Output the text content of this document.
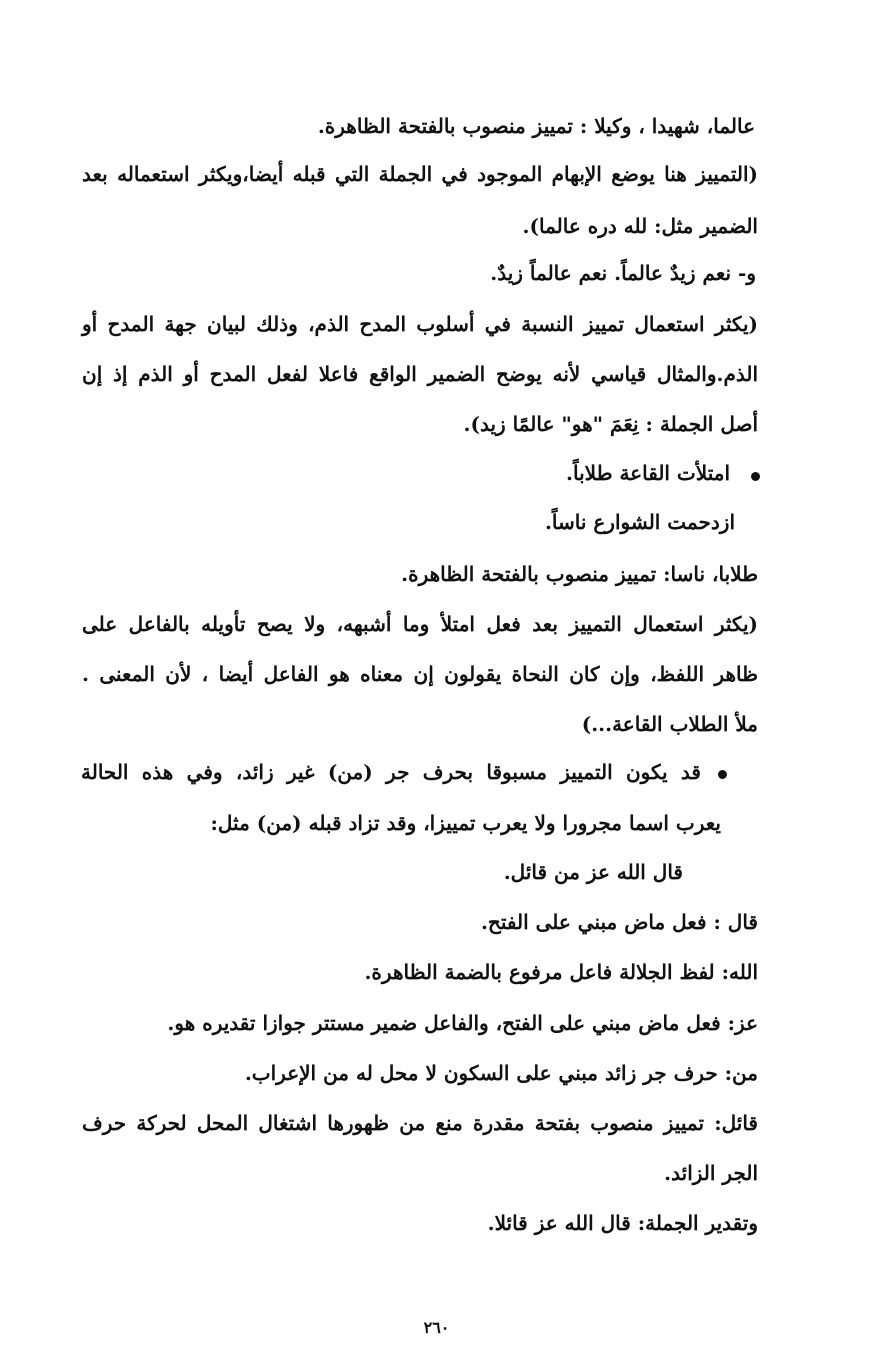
عالما، شهيدا ، وكيلا : تمييز منصوب بالفتحة الظاهرة.
(التمييز هنا يوضع الإبهام الموجود في الجملة التي قبله أيضا،ويكثر استعماله بعد
الضمير مثل: لله دره عالما).
و- نعم زيدٌ عالماً. نعم عالماً زيدٌ.
(يكثر استعمال تمييز النسبة في أسلوب المدح الذم، وذلك لبيان جهة المدح أو
الذم.والمثال قياسي لأنه يوضح الضمير الواقع فاعلا لفعل المدح أو الذم إذ إن
أصل الجملة : نِعَمَ "هو" عالمًا زيد).
امتلأت القاعة طلاباً.
ازدحمت الشوارع ناساً.
طلابا، ناسا: تمييز منصوب بالفتحة الظاهرة.
(يكثر استعمال التمييز بعد فعل امتلأ وما أشبهه، ولا يصح تأويله بالفاعل على
ظاهر اللفظ، وإن كان النحاة يقولون إن معناه هو الفاعل أيضا ، لأن المعنى .
ملأ الطلاب القاعة...)
قد يكون التمييز مسبوقا بحرف جر (من) غير زائد، وفي هذه الحالة
يعرب اسما مجرورا ولا يعرب تمييزا، وقد تزاد قبله (من) مثل:
قال الله عز من قائل.
قال : فعل ماض مبني على الفتح.
الله: لفظ الجلالة فاعل مرفوع بالضمة الظاهرة.
عز: فعل ماض مبني على الفتح، والفاعل ضمير مستتر جوازا تقديره هو.
من: حرف جر زائد مبني على السكون لا محل له من الإعراب.
قائل: تمييز منصوب بفتحة مقدرة منع من ظهورها اشتغال المحل لحركة حرف
الجر الزائد.
وتقدير الجملة: قال الله عز قائلا.
٢٦٠
